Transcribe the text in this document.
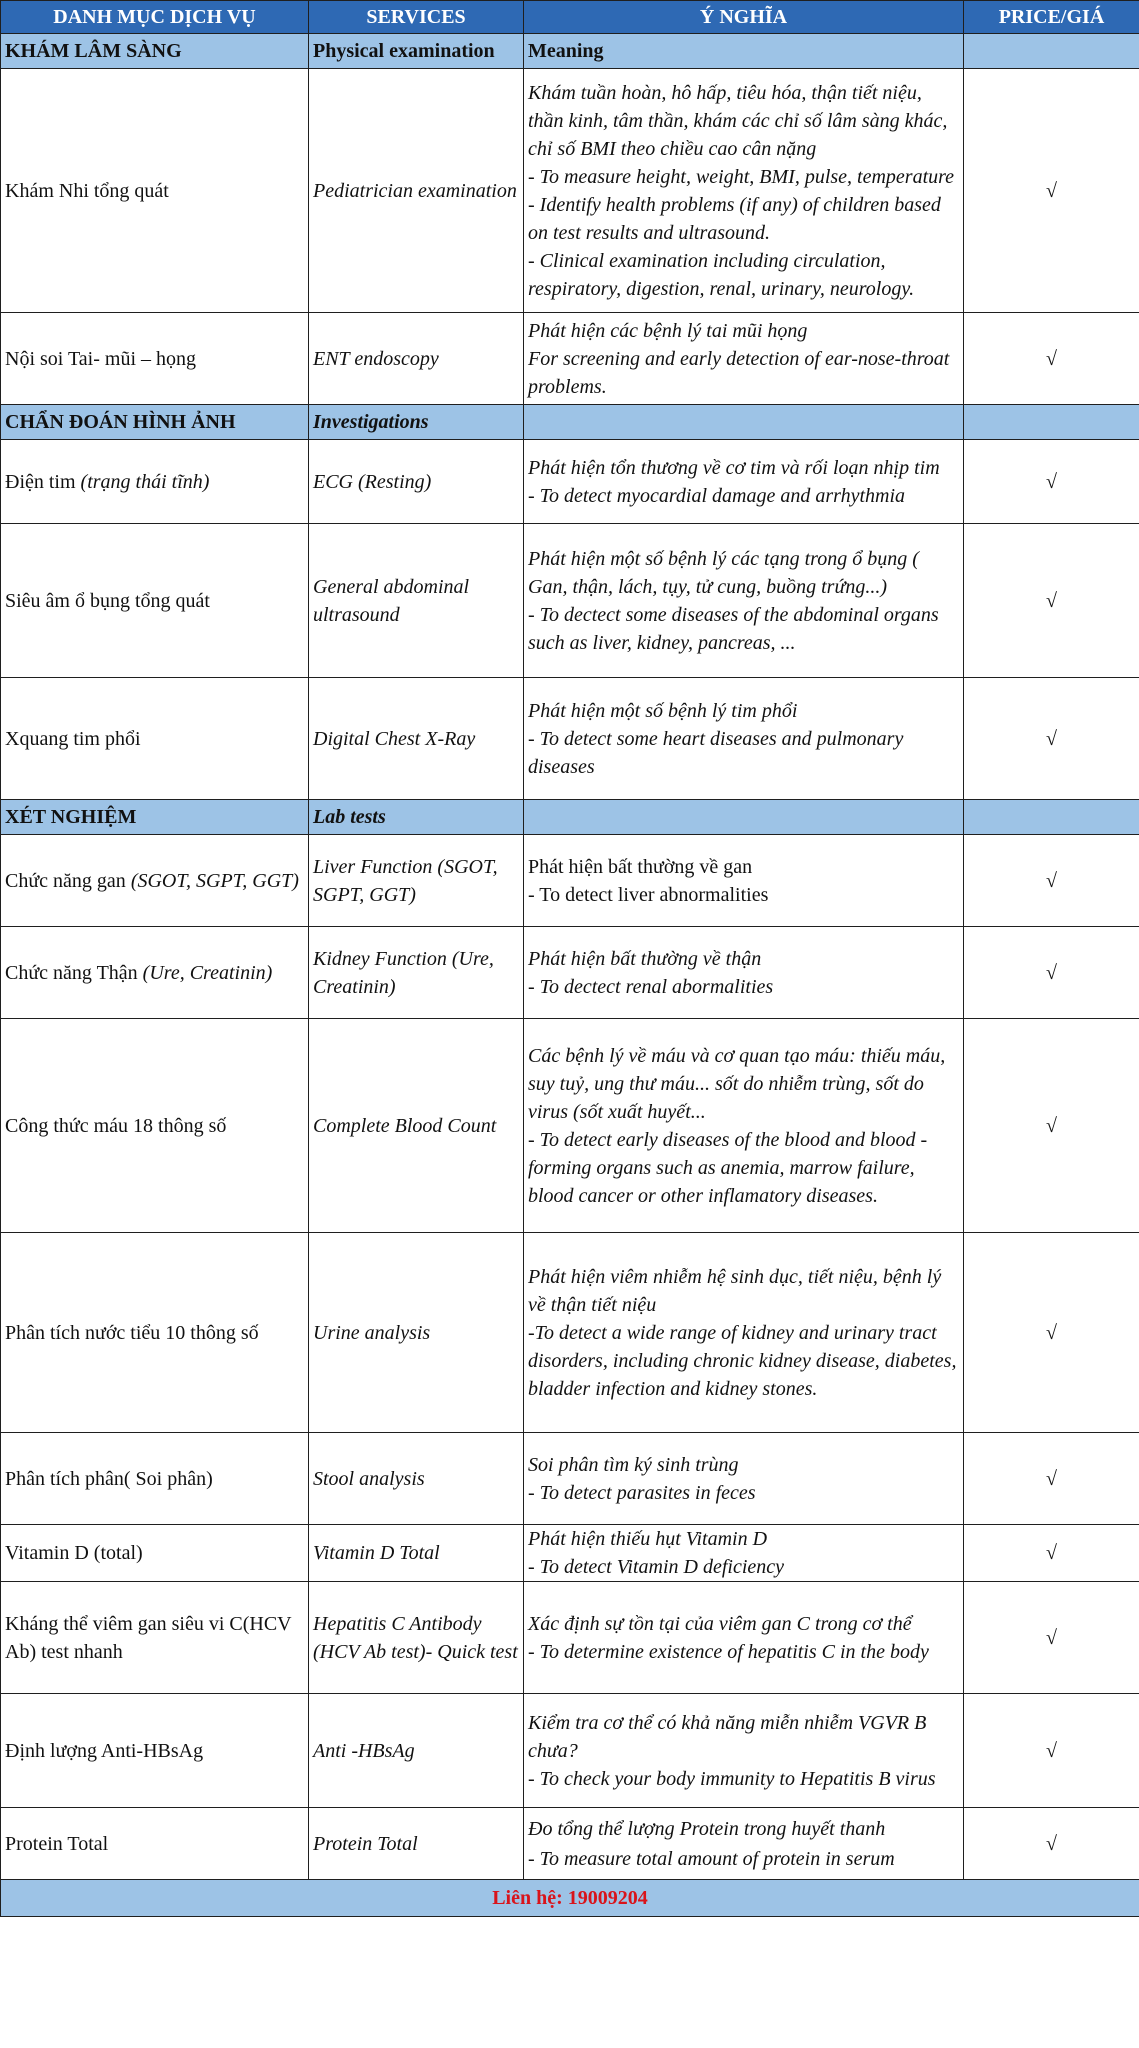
DANH MỤC DỊCH VỤ	SERVICES	Ý NGHĨA	PRICE/GIÁ
KHÁM LÂM SÀNG	Physical examination	Meaning	
Khám Nhi tổng quát	Pediatrician examination	Khám tuần hoàn, hô hấp, tiêu hóa, thận tiết niệu, thần kinh, tâm thần, khám các chỉ số lâm sàng khác, chỉ số BMI theo chiều cao cân nặng
- To measure height, weight, BMI, pulse, temperature
- Identify health problems (if any) of children based on test results and ultrasound.
- Clinical examination including circulation, respiratory, digestion, renal, urinary, neurology.	√
Nội soi Tai- mũi – họng	ENT endoscopy	Phát hiện các bệnh lý tai mũi họng
For screening and early detection of ear-nose-throat problems.	√
CHẨN ĐOÁN HÌNH ẢNH	Investigations		
Điện tim (trạng thái tĩnh)	ECG (Resting)	Phát hiện tổn thương về cơ tim và rối loạn nhịp tim
- To detect myocardial damage and arrhythmia	√
Siêu âm ổ bụng tổng quát	General abdominal ultrasound	Phát hiện một số bệnh lý các tạng trong ổ bụng ( Gan, thận, lách, tụy, tử cung, buồng trứng...)
- To dectect some diseases of the abdominal organs such as liver, kidney, pancreas, ...	√
Xquang tim phổi	Digital Chest X-Ray	Phát hiện một số bệnh lý tim phổi
- To detect some heart diseases and pulmonary diseases	√
XÉT NGHIỆM	Lab tests		
Chức năng gan (SGOT, SGPT, GGT)	Liver Function (SGOT, SGPT, GGT)	Phát hiện bất thường về gan
- To detect liver abnormalities	√
Chức năng Thận (Ure, Creatinin)	Kidney Function (Ure, Creatinin)	Phát hiện bất thường về thận
- To dectect renal abormalities	√
Công thức máu 18 thông số	Complete Blood Count	Các bệnh lý về máu và cơ quan tạo máu: thiếu máu, suy tuỷ, ung thư máu... sốt do nhiễm trùng, sốt do virus (sốt xuất huyết...
- To detect early diseases of the blood and blood - forming organs such as anemia, marrow failure, blood cancer or other inflamatory diseases.	√
Phân tích nước tiểu 10 thông số	Urine analysis	Phát hiện viêm nhiễm hệ sinh dục, tiết niệu, bệnh lý về thận tiết niệu
-To detect a wide range of kidney and urinary tract disorders, including chronic kidney disease, diabetes, bladder infection and kidney stones.	√
Phân tích phân( Soi phân)	Stool analysis	Soi phân tìm ký sinh trùng
- To detect parasites in feces	√
Vitamin D (total)	Vitamin D Total	Phát hiện thiếu hụt Vitamin D
- To detect Vitamin D deficiency	√
Kháng thể viêm gan siêu vi C(HCV Ab) test nhanh	Hepatitis C Antibody (HCV Ab test)- Quick test	Xác định sự tồn tại của viêm gan C trong cơ thể
- To determine existence of hepatitis C in the body	√
Định lượng Anti-HBsAg	Anti -HBsAg	Kiểm tra cơ thể có khả năng miễn nhiễm VGVR B chưa?
- To check your body immunity to Hepatitis B virus	√
Protein Total	Protein Total	Đo tổng thể lượng Protein trong huyết thanh
- To measure total amount of protein in serum	√
Liên hệ: 19009204			
